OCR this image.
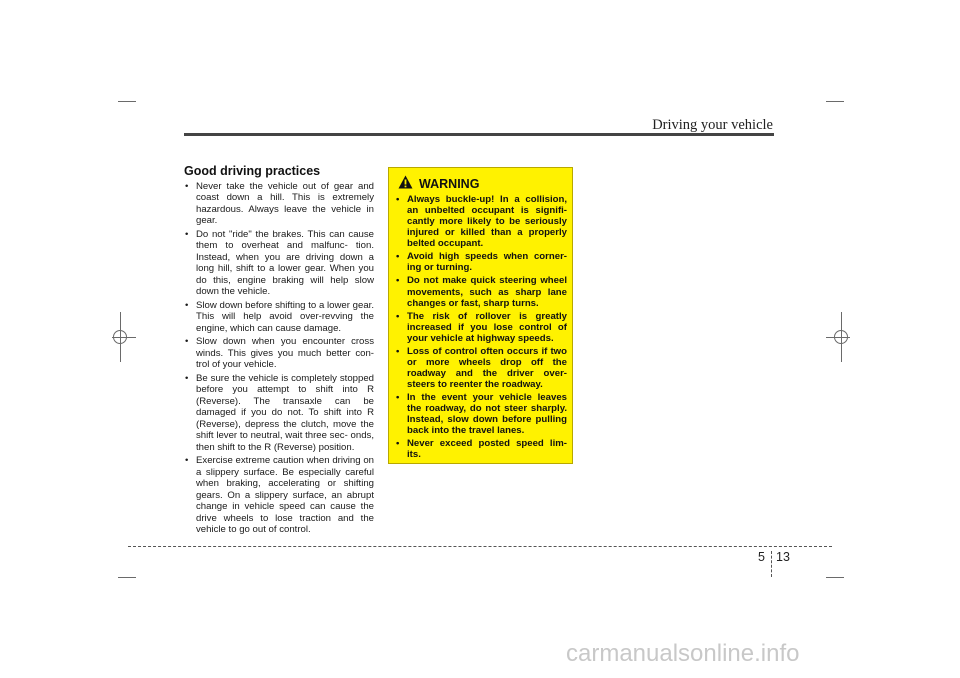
Driving your vehicle
Good driving practices
• Never take the vehicle out of gear and coast down a hill. This is extremely hazardous. Always leave the vehicle in gear.
• Do not "ride" the brakes. This can cause them to overheat and malfunc- tion. Instead, when you are driving down a long hill, shift to a lower gear. When you do this, engine braking will help slow down the vehicle.
• Slow down before shifting to a lower gear. This will help avoid over-revving the engine, which can cause damage.
• Slow down when you encounter cross winds. This gives you much better con- trol of your vehicle.
• Be sure the vehicle is completely stopped before you attempt to shift into R (Reverse). The transaxle can be damaged if you do not. To shift into R (Reverse), depress the clutch, move the shift lever to neutral, wait three sec- onds, then shift to the R (Reverse) position.
• Exercise extreme caution when driving on a slippery surface. Be especially careful when braking, accelerating or shifting gears. On a slippery surface, an abrupt change in vehicle speed can cause the drive wheels to lose traction and the vehicle to go out of control.
WARNING
• Always buckle-up! In a collision, an unbelted occupant is signifi- cantly more likely to be seriously injured or killed than a properly belted occupant.
• Avoid high speeds when corner- ing or turning.
• Do not make quick steering wheel movements, such as sharp lane changes or fast, sharp turns.
• The risk of rollover is greatly increased if you lose control of your vehicle at highway speeds.
• Loss of control often occurs if two or more wheels drop off the roadway and the driver over- steers to reenter the roadway.
• In the event your vehicle leaves the roadway, do not steer sharply. Instead, slow down before pulling back into the travel lanes.
• Never exceed posted speed lim- its.
5 13
carmanualsonline.info
